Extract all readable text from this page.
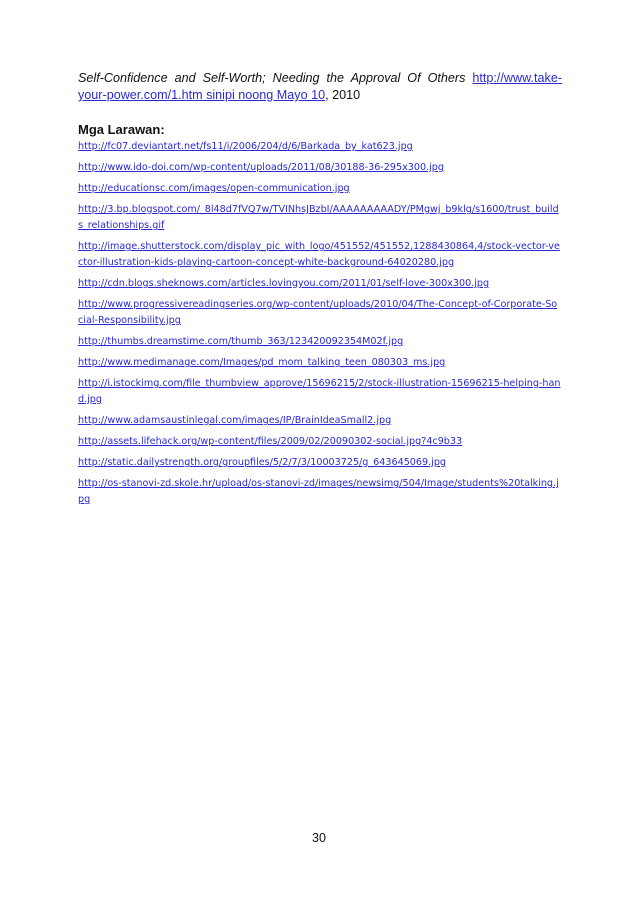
Self-Confidence and Self-Worth; Needing the Approval Of Others http://www.take-your-power.com/1.htm sinipi noong Mayo 10, 2010

Mga Larawan:
http://fc07.deviantart.net/fs11/i/2006/204/d/6/Barkada_by_kat623.jpg
http://www.ido-doi.com/wp-content/uploads/2011/08/30188-36-295x300.jpg
http://educationsc.com/images/open-communication.jpg
http://3.bp.blogspot.com/_8l48d7fVQ7w/TVINhsJBzbI/AAAAAAAAADY/PMgwj_b9klg/s1600/trust_builds_relationships.gif
http://image.shutterstock.com/display_pic_with_logo/451552/451552,1288430864,4/stock-vector-vector-illustration-kids-playing-cartoon-concept-white-background-64020280.jpg
http://cdn.blogs.sheknows.com/articles.lovingyou.com/2011/01/self-love-300x300.jpg
http://www.progressivereadingseries.org/wp-content/uploads/2010/04/The-Concept-of-Corporate-Social-Responsibility.jpg
http://thumbs.dreamstime.com/thumb_363/123420092354M02f.jpg
http://www.medimanage.com/Images/pd_mom_talking_teen_080303_ms.jpg
http://i.istockimg.com/file_thumbview_approve/15696215/2/stock-illustration-15696215-helping-hand.jpg
http://www.adamsaustinlegal.com/images/IP/BrainIdeaSmall2.jpg
http://assets.lifehack.org/wp-content/files/2009/02/20090302-social.jpg?4c9b33
http://static.dailystrength.org/groupfiles/5/2/7/3/10003725/g_643645069.jpg
http://os-stanovi-zd.skole.hr/upload/os-stanovi-zd/images/newsimg/504/Image/students%20talking.jpg
30
